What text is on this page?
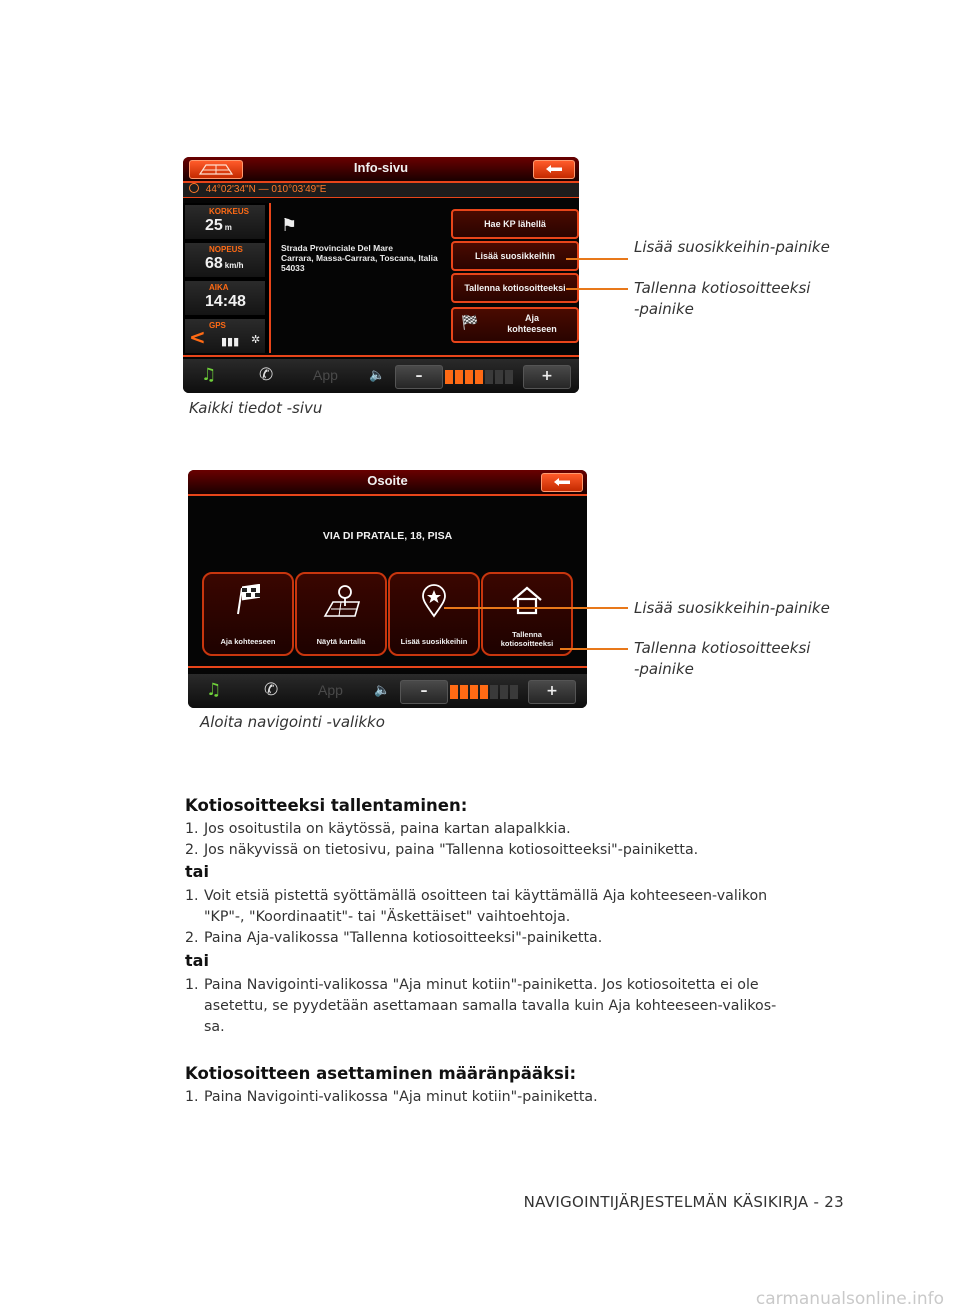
Info-sivu
44°02'34"N — 010°03'49"E
KORKEUS
25 m
NOPEUS
68 km/h
AIKA
14:48
< GPS
▮▮▮ ✲
⚑
Strada Provinciale Del Mare
Carrara, Massa-Carrara, Toscana, Italia
54033
Hae KP lähellä
Lisää suosikkeihin
Tallenna kotiosoitteeksi
🏁	Aja
kohteeseen
♫	✆	App 🔈	–	+
Lisää suosikkeihin-painike
Tallenna kotiosoitteeksi
-painike
Kaikki tiedot -sivu
Osoite
VIA DI PRATALE, 18, PISA
Aja kohteeseen	Näytä kartalla	Lisää suosikkeihin
Tallenna kotiosoitteeksi
♫	✆	App 🔈	–	+
Lisää suosikkeihin-painike
Tallenna kotiosoitteeksi
-painike
Aloita navigointi -valikko
Kotiosoitteeksi tallentaminen:
1. Jos osoitustila on käytössä, paina kartan alapalkkia.
2. Jos näkyvissä on tietosivu, paina "Tallenna kotiosoitteeksi"-painiketta.
tai
1. Voit etsiä pistettä syöttämällä osoitteen tai käyttämällä Aja kohteeseen-valikon
"KP"-, "Koordinaatit"- tai "Äskettäiset" vaihtoehtoja.
2. Paina Aja-valikossa "Tallenna kotiosoitteeksi"-painiketta.
tai
1. Paina Navigointi-valikossa "Aja minut kotiin"-painiketta. Jos kotiosoitetta ei ole
asetettu, se pyydetään asettamaan samalla tavalla kuin Aja kohteeseen-valikos-
sa.
Kotiosoitteen asettaminen määränpääksi:
1. Paina Navigointi-valikossa "Aja minut kotiin"-painiketta.
NAVIGOINTIJÄRJESTELMÄN KÄSIKIRJA - 23
carmanualsonline.info
